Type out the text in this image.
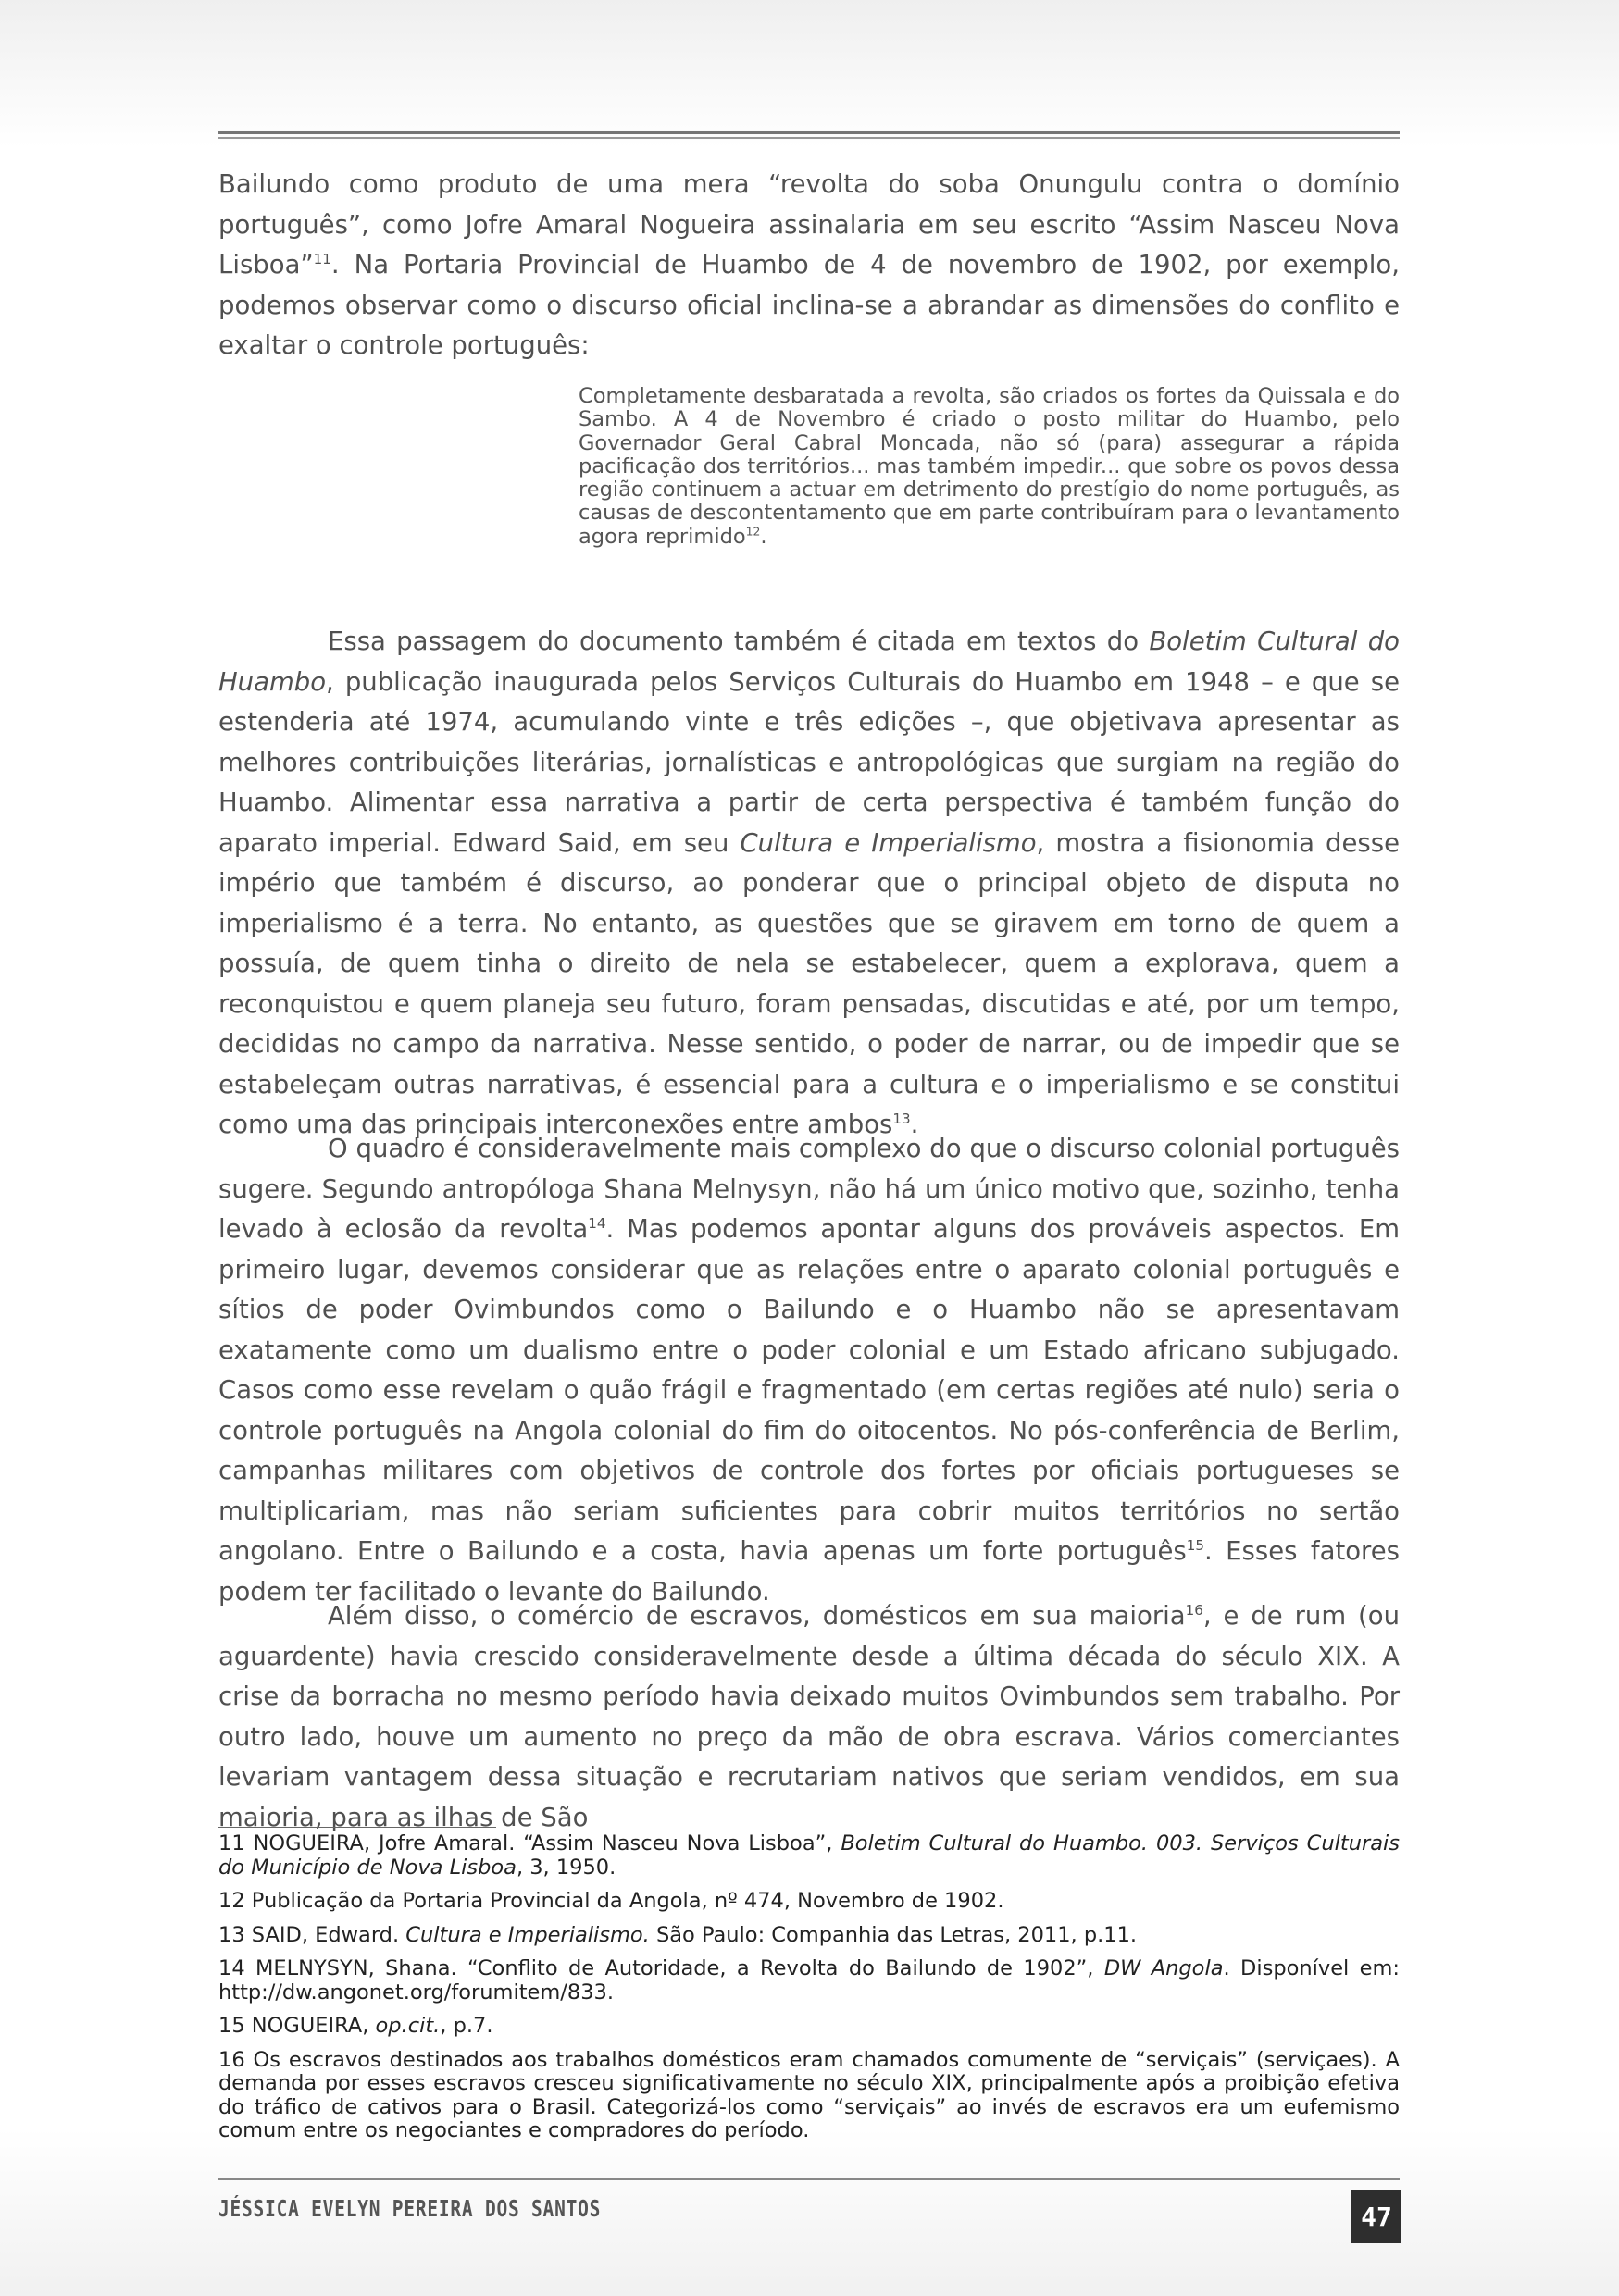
Bailundo como produto de uma mera “revolta do soba Onungulu contra o domínio português”, como Jofre Amaral Nogueira assinalaria em seu escrito “Assim Nasceu Nova Lisboa”$^{11}$. Na Portaria Provincial de Huambo de 4 de novembro de 1902, por exemplo, podemos observar como o discurso oficial inclina-se a abrandar as dimensões do conflito e exaltar o controle português:

Completamente desbaratada a revolta, são criados os fortes da Quissala e do Sambo. A 4 de Novembro é criado o posto militar do Huambo, pelo Governador Geral Cabral Moncada, não só (para) assegurar a rápida pacificação dos territórios... mas também impedir... que sobre os povos dessa região continuem a actuar em detrimento do prestígio do nome português, as causas de descontentamento que em parte contribuíram para o levantamento agora reprimido$^{12}$.

Essa passagem do documento também é citada em textos do Boletim Cultural do Huambo, publicação inaugurada pelos Serviços Culturais do Huambo em 1948 – e que se estenderia até 1974, acumulando vinte e três edições –, que objetivava apresentar as melhores contribuições literárias, jornalísticas e antropológicas que surgiam na região do Huambo. Alimentar essa narrativa a partir de certa perspectiva é também função do aparato imperial. Edward Said, em seu Cultura e Imperialismo, mostra a fisionomia desse império que também é discurso, ao ponderar que o principal objeto de disputa no imperialismo é a terra. No entanto, as questões que se giravem em torno de quem a possuía, de quem tinha o direito de nela se estabelecer, quem a explorava, quem a reconquistou e quem planeja seu futuro, foram pensadas, discutidas e até, por um tempo, decididas no campo da narrativa. Nesse sentido, o poder de narrar, ou de impedir que se estabeleçam outras narrativas, é essencial para a cultura e o imperialismo e se constitui como uma das principais interconexões entre ambos$^{13}$.

O quadro é consideravelmente mais complexo do que o discurso colonial português sugere. Segundo antropóloga Shana Melnysyn, não há um único motivo que, sozinho, tenha levado à eclosão da revolta$^{14}$. Mas podemos apontar alguns dos prováveis aspectos. Em primeiro lugar, devemos considerar que as relações entre o aparato colonial português e sítios de poder Ovimbundos como o Bailundo e o Huambo não se apresentavam exatamente como um dualismo entre o poder colonial e um Estado africano subjugado. Casos como esse revelam o quão frágil e fragmentado (em certas regiões até nulo) seria o controle português na Angola colonial do fim do oitocentos. No pós-conferência de Berlim, campanhas militares com objetivos de controle dos fortes por oficiais portugueses se multiplicariam, mas não seriam suficientes para cobrir muitos territórios no sertão angolano. Entre o Bailundo e a costa, havia apenas um forte português$^{15}$. Esses fatores podem ter facilitado o levante do Bailundo.

Além disso, o comércio de escravos, domésticos em sua maioria$^{16}$, e de rum (ou aguardente) havia crescido consideravelmente desde a última década do século XIX. A crise da borracha no mesmo período havia deixado muitos Ovimbundos sem trabalho. Por outro lado, houve um aumento no preço da mão de obra escrava. Vários comerciantes levariam vantagem dessa situação e recrutariam nativos que seriam vendidos, em sua maioria, para as ilhas de São

11 NOGUEIRA, Jofre Amaral. “Assim Nasceu Nova Lisboa”, Boletim Cultural do Huambo. 003. Serviços Culturais do Município de Nova Lisboa, 3, 1950.
12 Publicação da Portaria Provincial da Angola, nº 474, Novembro de 1902.
13 SAID, Edward. Cultura e Imperialismo. São Paulo: Companhia das Letras, 2011, p.11.
14 MELNYSYN, Shana. “Conflito de Autoridade, a Revolta do Bailundo de 1902”, DW Angola. Disponível em: http://dw.angonet.org/forumitem/833.
15 NOGUEIRA, op.cit., p.7.
16 Os escravos destinados aos trabalhos domésticos eram chamados comumente de “serviçais” (serviçaes). A demanda por esses escravos cresceu significativamente no século XIX, principalmente após a proibição efetiva do tráfico de cativos para o Brasil. Categorizá-los como “serviçais” ao invés de escravos era um eufemismo comum entre os negociantes e compradores do período.
JÉSSICA EVELYN PEREIRA DOS SANTOS	47
